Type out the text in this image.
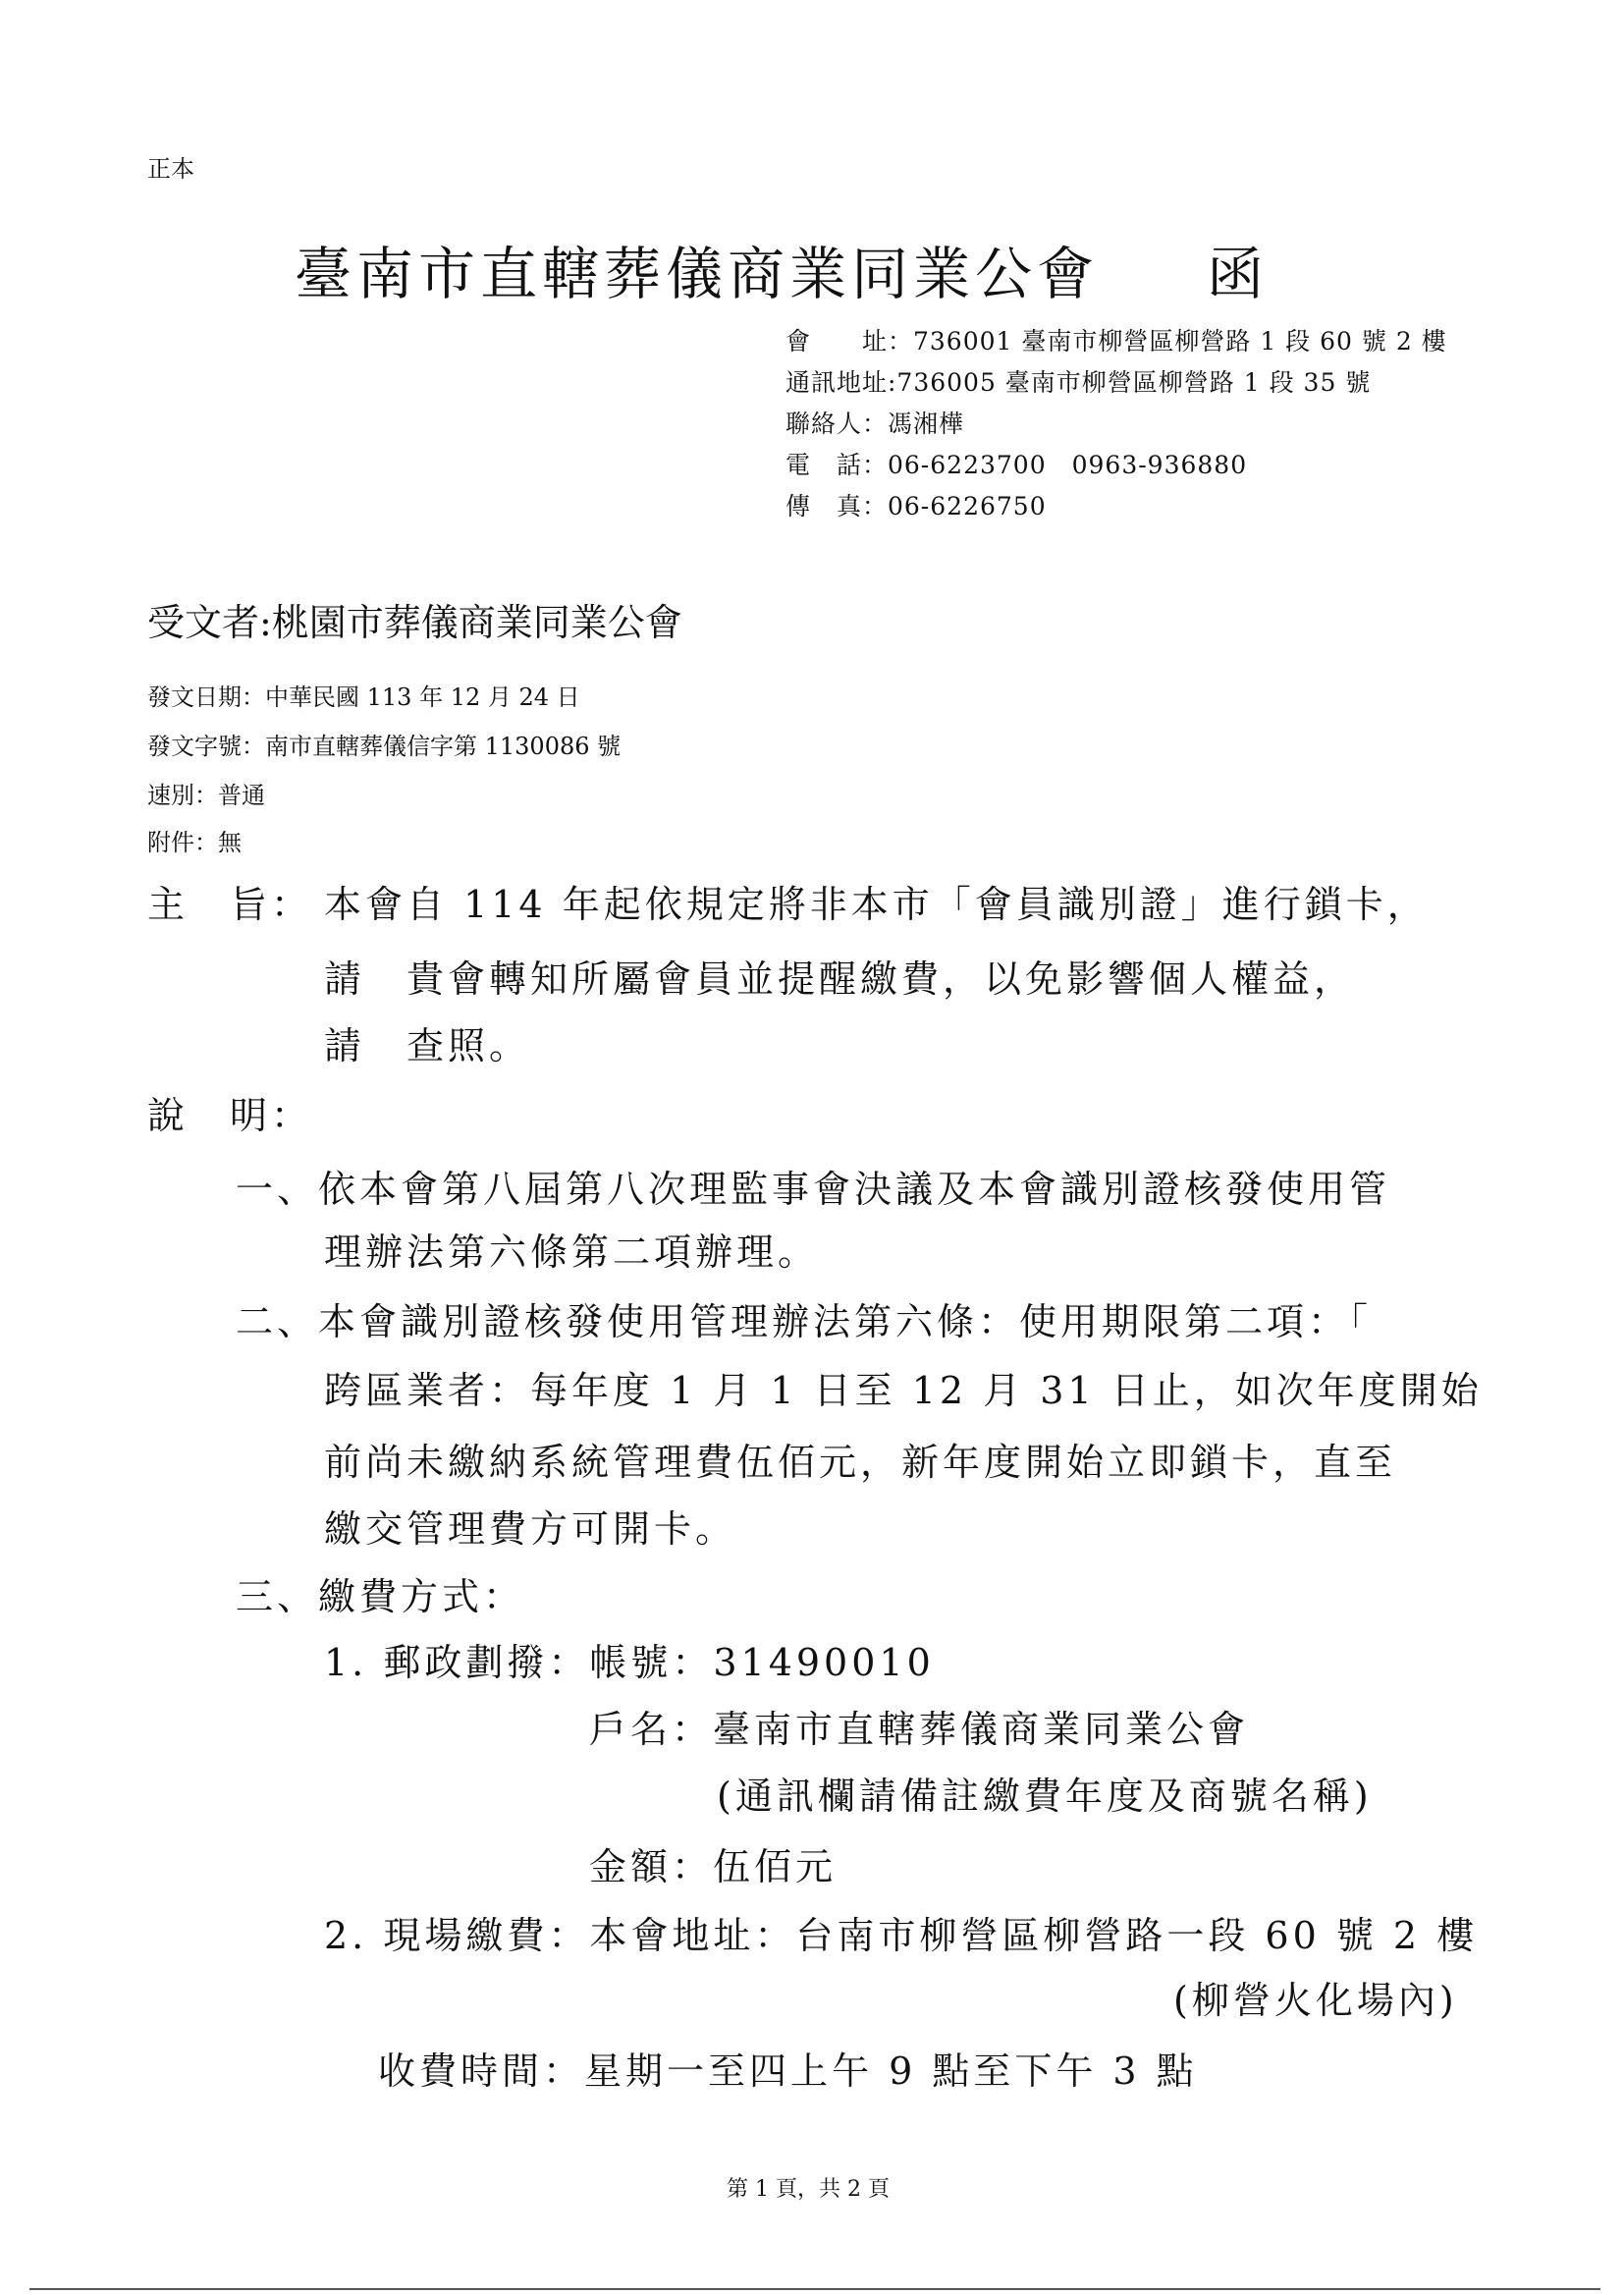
正本
臺南市直轄葬儀商業同業公會 函
會　　址：736001 臺南市柳營區柳營路 1 段 60 號 2 樓
通訊地址:736005 臺南市柳營區柳營路 1 段 35 號
聯絡人：馮湘樺
電　話：06-6223700　0963-936880
傳　真：06-6226750
受文者:桃園市葬儀商業同業公會
發文日期：中華民國 113 年 12 月 24 日
發文字號：南市直轄葬儀信字第 1130086 號
速別：普通
附件：無
主　旨： 本會自 114 年起依規定將非本市「會員識別證」進行鎖卡，
請　貴會轉知所屬會員並提醒繳費，以免影響個人權益，
請　查照。
說　明：
一、依本會第八屆第八次理監事會決議及本會識別證核發使用管
理辦法第六條第二項辦理。
二、本會識別證核發使用管理辦法第六條：使用期限第二項：「
跨區業者：每年度 1 月 1 日至 12 月 31 日止，如次年度開始
前尚未繳納系統管理費伍佰元，新年度開始立即鎖卡，直至
繳交管理費方可開卡。
三、繳費方式：
1. 郵政劃撥：帳號：31490010
戶名：臺南市直轄葬儀商業同業公會
(通訊欄請備註繳費年度及商號名稱)
金額：伍佰元
2. 現場繳費：本會地址：台南市柳營區柳營路一段 60 號 2 樓
(柳營火化場內)
收費時間：星期一至四上午 9 點至下午 3 點
第 1 頁，共 2 頁
